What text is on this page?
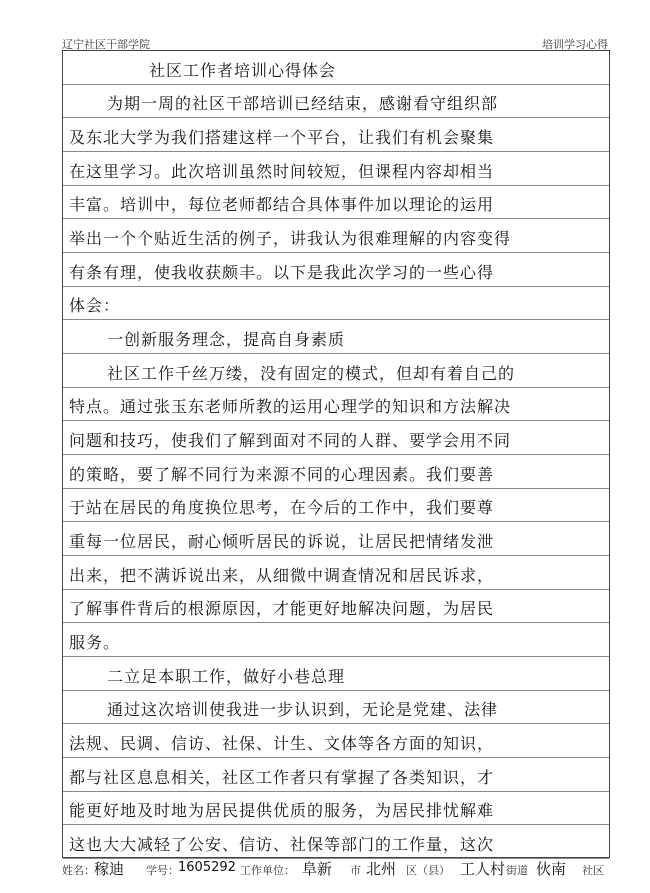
辽宁社区干部学院	培训学习心得
社区工作者培训心得体会
为期一周的社区干部培训已经结束，感谢看守组织部
及东北大学为我们搭建这样一个平台，让我们有机会聚集
在这里学习。此次培训虽然时间较短，但课程内容却相当
丰富。培训中，每位老师都结合具体事件加以理论的运用
举出一个个贴近生活的例子，讲我认为很难理解的内容变得
有条有理，使我收获颇丰。以下是我此次学习的一些心得
体会：
一创新服务理念，提高自身素质
社区工作千丝万缕，没有固定的模式，但却有着自己的
特点。通过张玉东老师所教的运用心理学的知识和方法解决
问题和技巧，使我们了解到面对不同的人群、要学会用不同
的策略，要了解不同行为来源不同的心理因素。我们要善
于站在居民的角度换位思考，在今后的工作中，我们要尊
重每一位居民，耐心倾听居民的诉说，让居民把情绪发泄
出来，把不满诉说出来，从细微中调查情况和居民诉求，
了解事件背后的根源原因，才能更好地解决问题，为居民
服务。
二立足本职工作，做好小巷总理
通过这次培训使我进一步认识到，无论是党建、法律
法规、民调、信访、社保、计生、文体等各方面的知识，
都与社区息息相关，社区工作者只有掌握了各类知识，才
能更好地及时地为居民提供优质的服务，为居民排忧解难
这也大大减轻了公安、信访、社保等部门的工作量，这次
姓名： 稼迪 学号： 1605292 工作单位： 阜新 市 北州 区（县） 工人村 街道 伙南 社区
